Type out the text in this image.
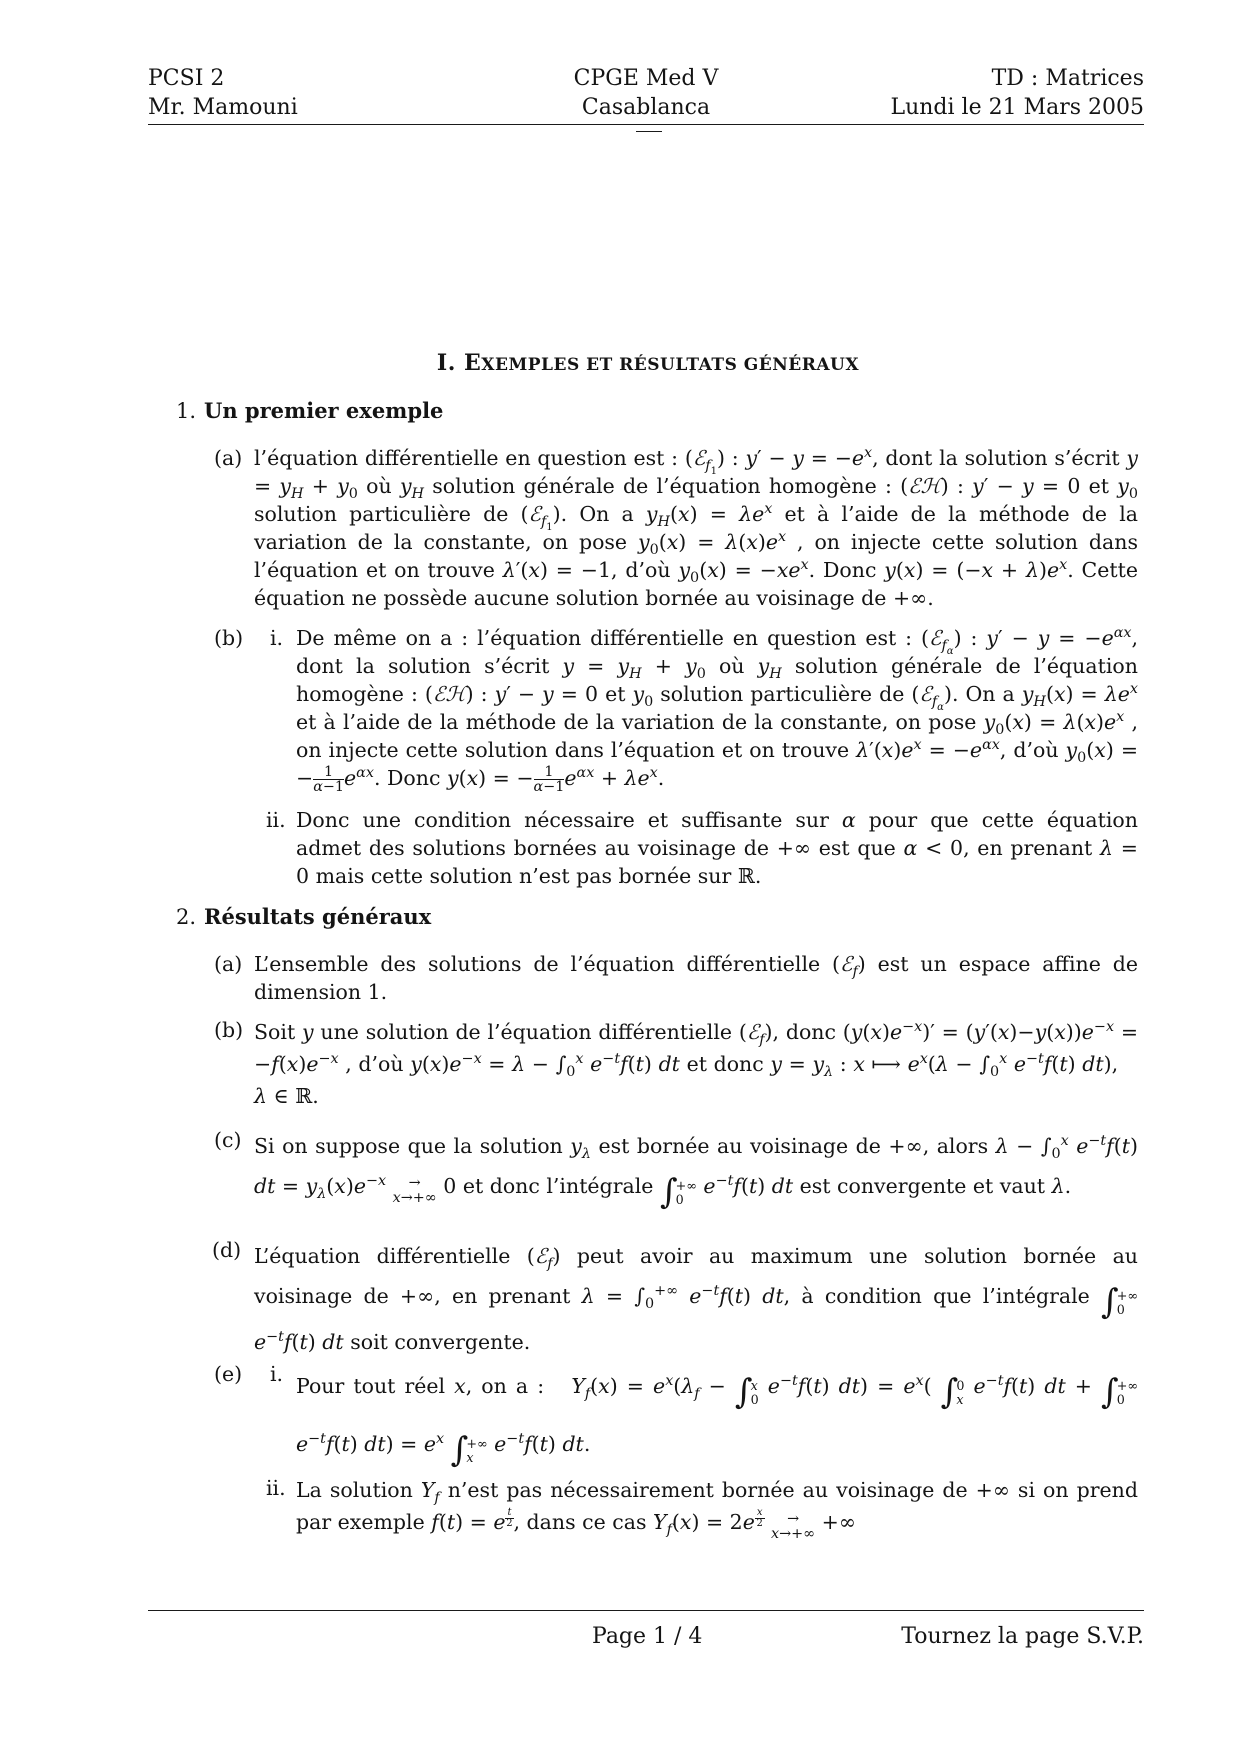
PCSI 2
Mr. Mamouni
CPGE Med V
Casablanca
TD : Matrices
Lundi le 21 Mars 2005
I. EXEMPLES ET RÉSULTATS GÉNÉRAUX
1. Un premier exemple
(a) l’équation différentielle en question est : (ℰ$_{f_1}$) : $y' - y = -e^x$, dont la solution s’écrit $y = y_H + y_0$ où $y_H$ solution générale de l’équation homogène : (ℰℋ) : y′ − y = 0 et $y_0$ solution particulière de (ℰ$_{f_1}$). On a $y_H(x) = \lambda e^x$ et à l’aide de la méthode de la variation de la constante, on pose $y_0(x) = \lambda(x)e^x$ , on injecte cette solution dans l’équation et on trouve λ′(x) = −1, d’où $y_0(x) = -xe^x$. Donc $y(x) = (-x + \lambda)e^x$. Cette équation ne possède aucune solution bornée au voisinage de +∞.

(b) i. De même on a : l’équation différentielle en question est : (ℰ$_{f_\alpha}$) : $y' - y = -e^{\alpha x}$, dont la solution s’écrit $y = y_H + y_0$ où $y_H$ solution générale de l’équation homogène : (ℰℋ) : y′ − y = 0 et $y_0$ solution particulière de (ℰ$_{f_\alpha}$). On a $y_H(x) = \lambda e^x$ et à l’aide de la méthode de la variation de la constante, on pose $y_0(x) = \lambda(x)e^x$ , on injecte cette solution dans l’équation et on trouve $\lambda'(x)e^x = -e^{\alpha x}$, d’où $y_0(x)$ = − $\frac{1}{\alpha-1} e^{\alpha x}$. Donc y(x) = − $\frac{1}{\alpha-1} e^{\alpha x} + \lambda e^x$.

ii. Donc une condition nécessaire et suffisante sur α pour que cette équation admet des solutions bornées au voisinage de +∞ est que α < 0, en prenant λ = 0 mais cette solution n’est pas bornée sur ℝ.

2. Résultats généraux
(a) L’ensemble des solutions de l’équation différentielle (ℰ$_f$) est un espace affine de dimension 1.

(b) Soit y une solution de l’équation différentielle (ℰ$_f$), donc $(y(x)e^{-x})' = (y'(x)-y(x))e^{-x} = -f(x)e^{-x}$ , d’où $y(x)e^{-x} = \lambda - \int_0^x$ $e^{-t}f(t)$ dt et donc $y = y_\lambda$ : x ⟼ $e^x(\lambda - \int_0^x$ $e^{-t}f(t)$ dt),    λ ∈ ℝ.

(c) Si on suppose que la solution $y_\lambda$ est bornée au voisinage de +∞, alors $\lambda - \int_0^x$ $e^{-t}f(t)$ dt = $y_\lambda(x)e^{-x}$	→
x→+∞ 0 et donc l’intégrale ∫
+∞
0
$e^{-t}f(t)$ dt est convergente et vaut λ.

(d) L’équation différentielle (ℰ$_f$) peut avoir au maximum une solution bornée au voisinage de +∞, en prenant $\lambda = \int_0^{+\infty}$ $e^{-t}f(t)$ dt, à condition que l’intégrale ∫
+∞
0
$e^{-t}f(t)$ dt soit convergente.

(e) i. Pour tout réel x, on a : $Y_f(x) = e^x(\lambda_f$ − ∫
x
0
$e^{-t}f(t) dt) = e^x$( ∫
0
x
$e^{-t}f(t)$ dt + ∫
+∞
0
$e^{-t}f(t) dt) = e^x$ ∫
+∞
x
$e^{-t}f(t)$ dt.

ii. La solution $Y_f$ n’est pas nécessairement bornée au voisinage de +∞ si on prend par exemple f(t) = e $^{\frac{t}{2}}$ , dans ce cas $Y_f(x) = 2e$ $^{\frac{x}{2}}$
	→
x→+∞ +∞

Page 1 / 4	Tournez la page S.V.P.
